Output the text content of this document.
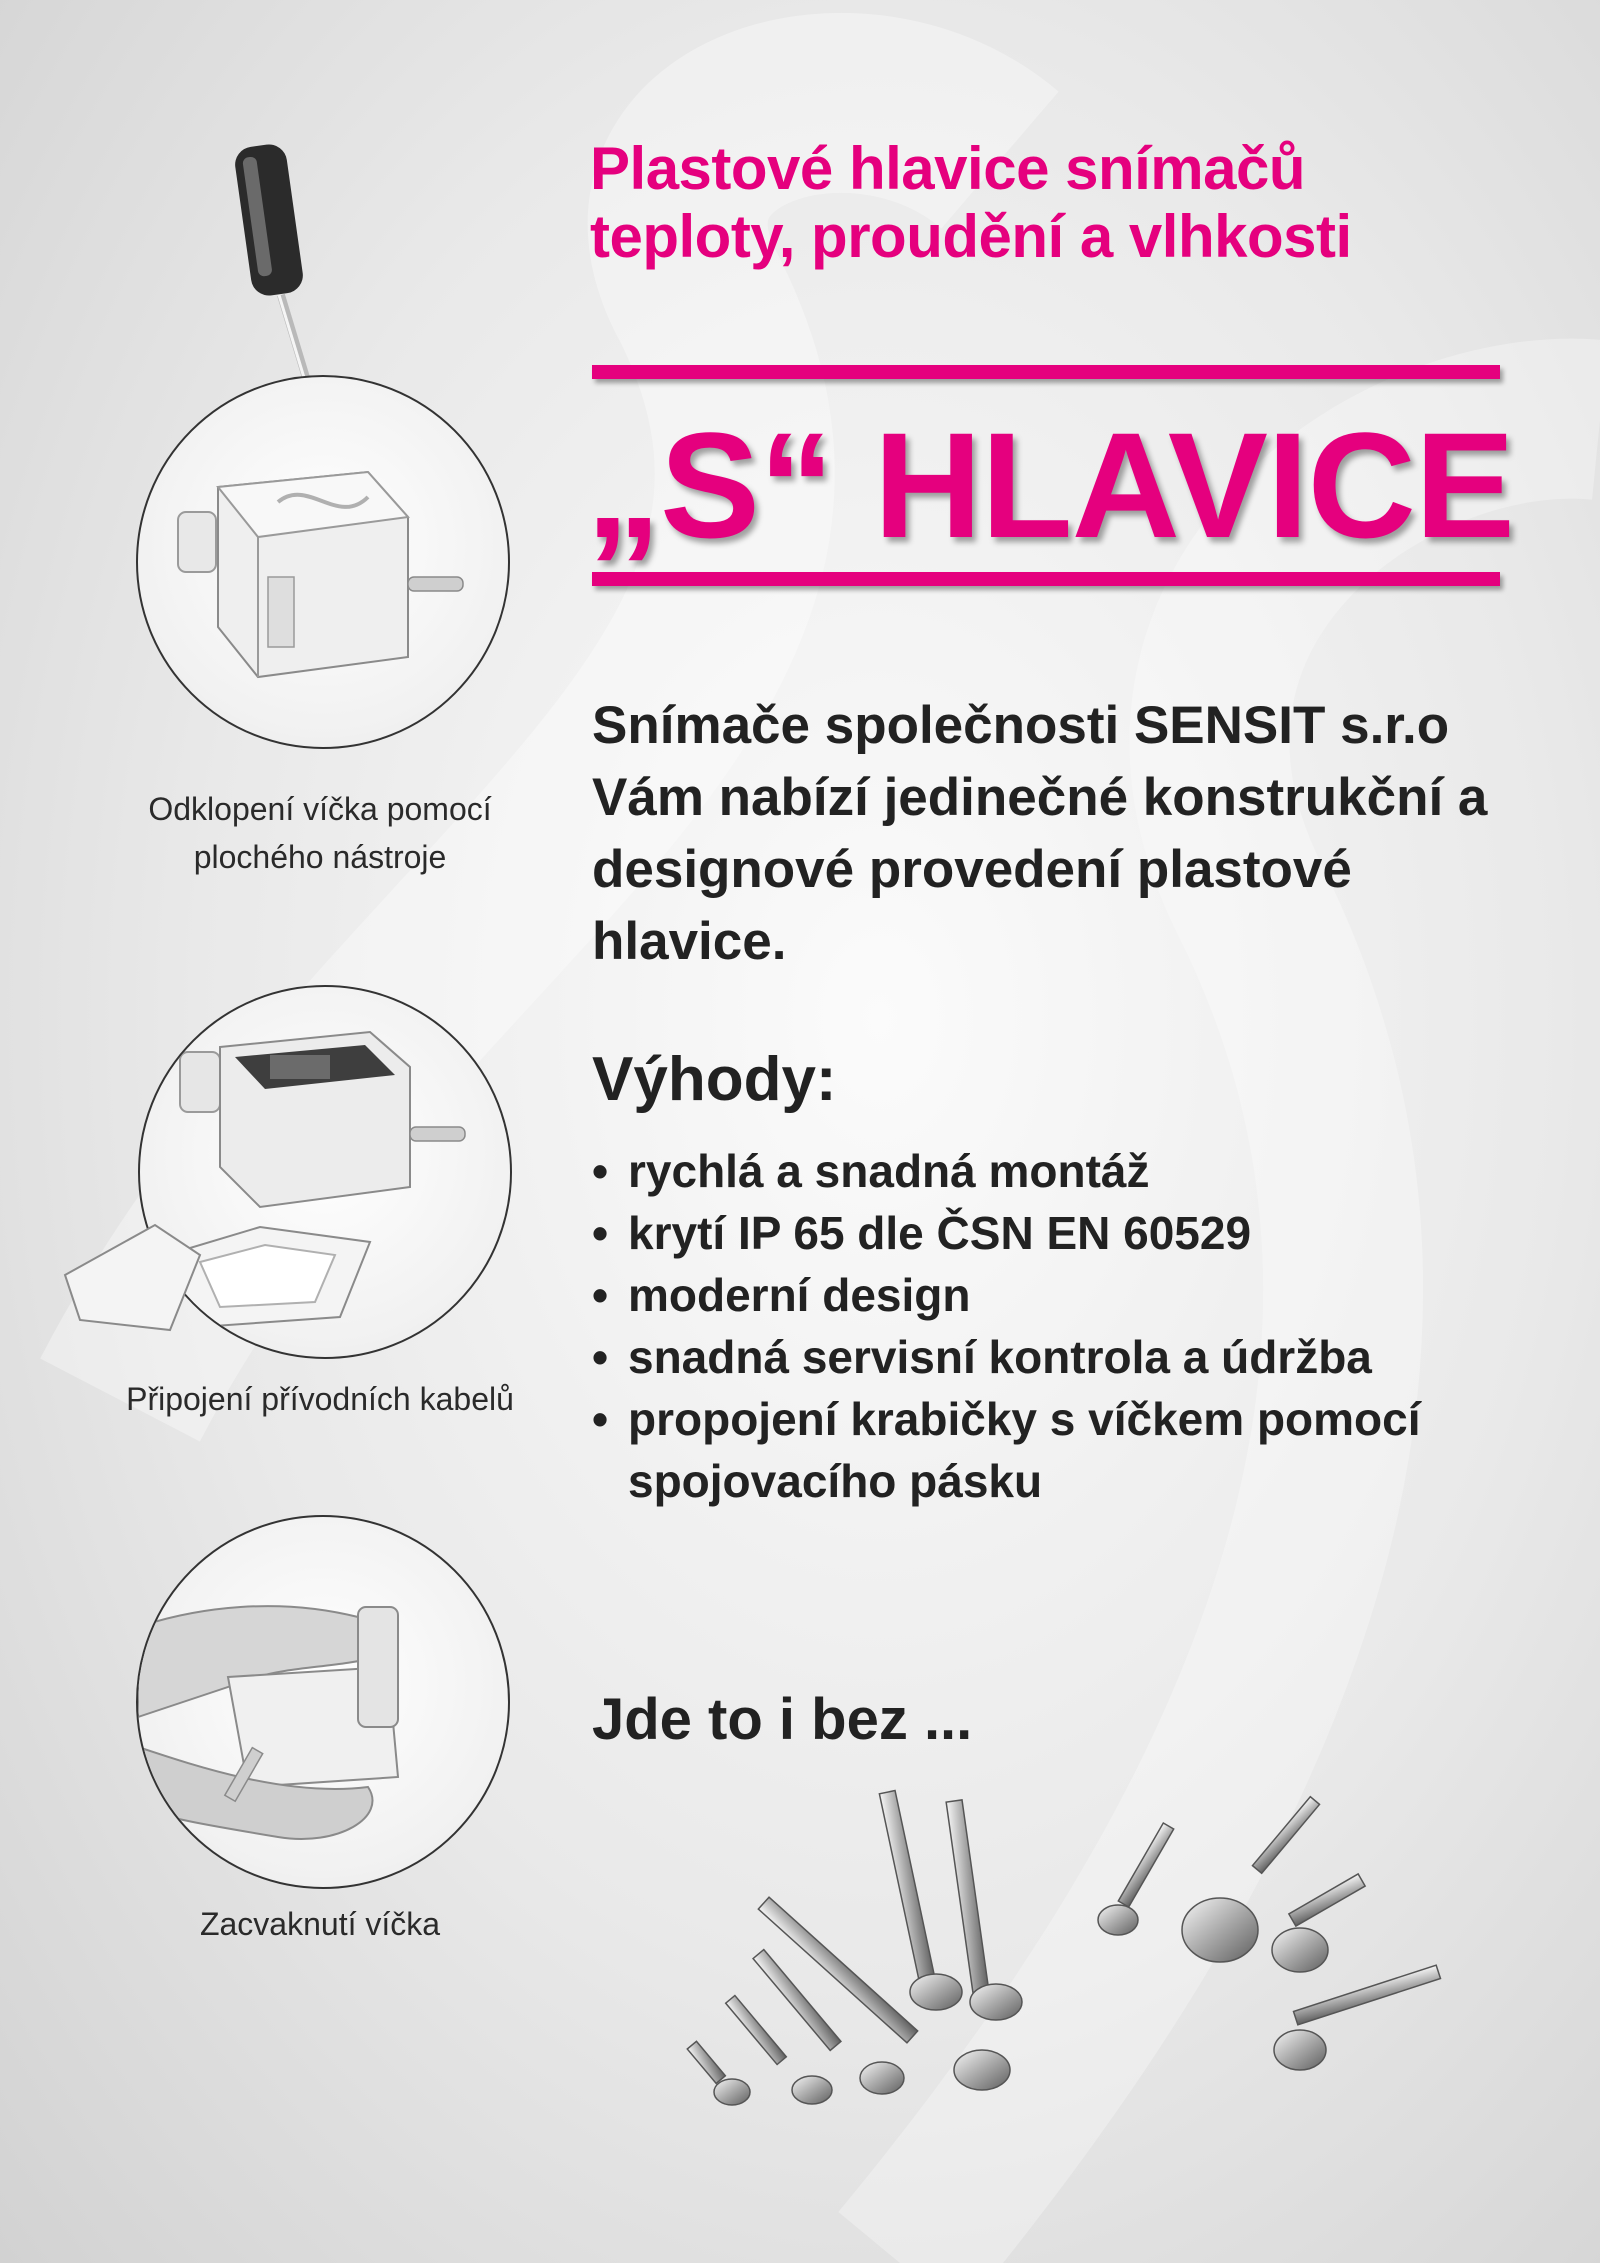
Plastové hlavice snímačů
teploty, proudění a vlhkosti
„S“ HLAVICE
Snímače společnosti SENSIT s.r.o Vám nabízí jedinečné konstrukční a designové provedení plastové hlavice.
Výhody:
• rychlá a snadná montáž
• krytí IP 65 dle ČSN EN 60529
• moderní design
• snadná servisní kontrola a údržba
• propojení krabičky s víčkem pomocí spojovacího pásku
Jde to i bez ...
Odklopení víčka pomocí
plochého nástroje
Připojení přívodních kabelů
Zacvaknutí víčka
